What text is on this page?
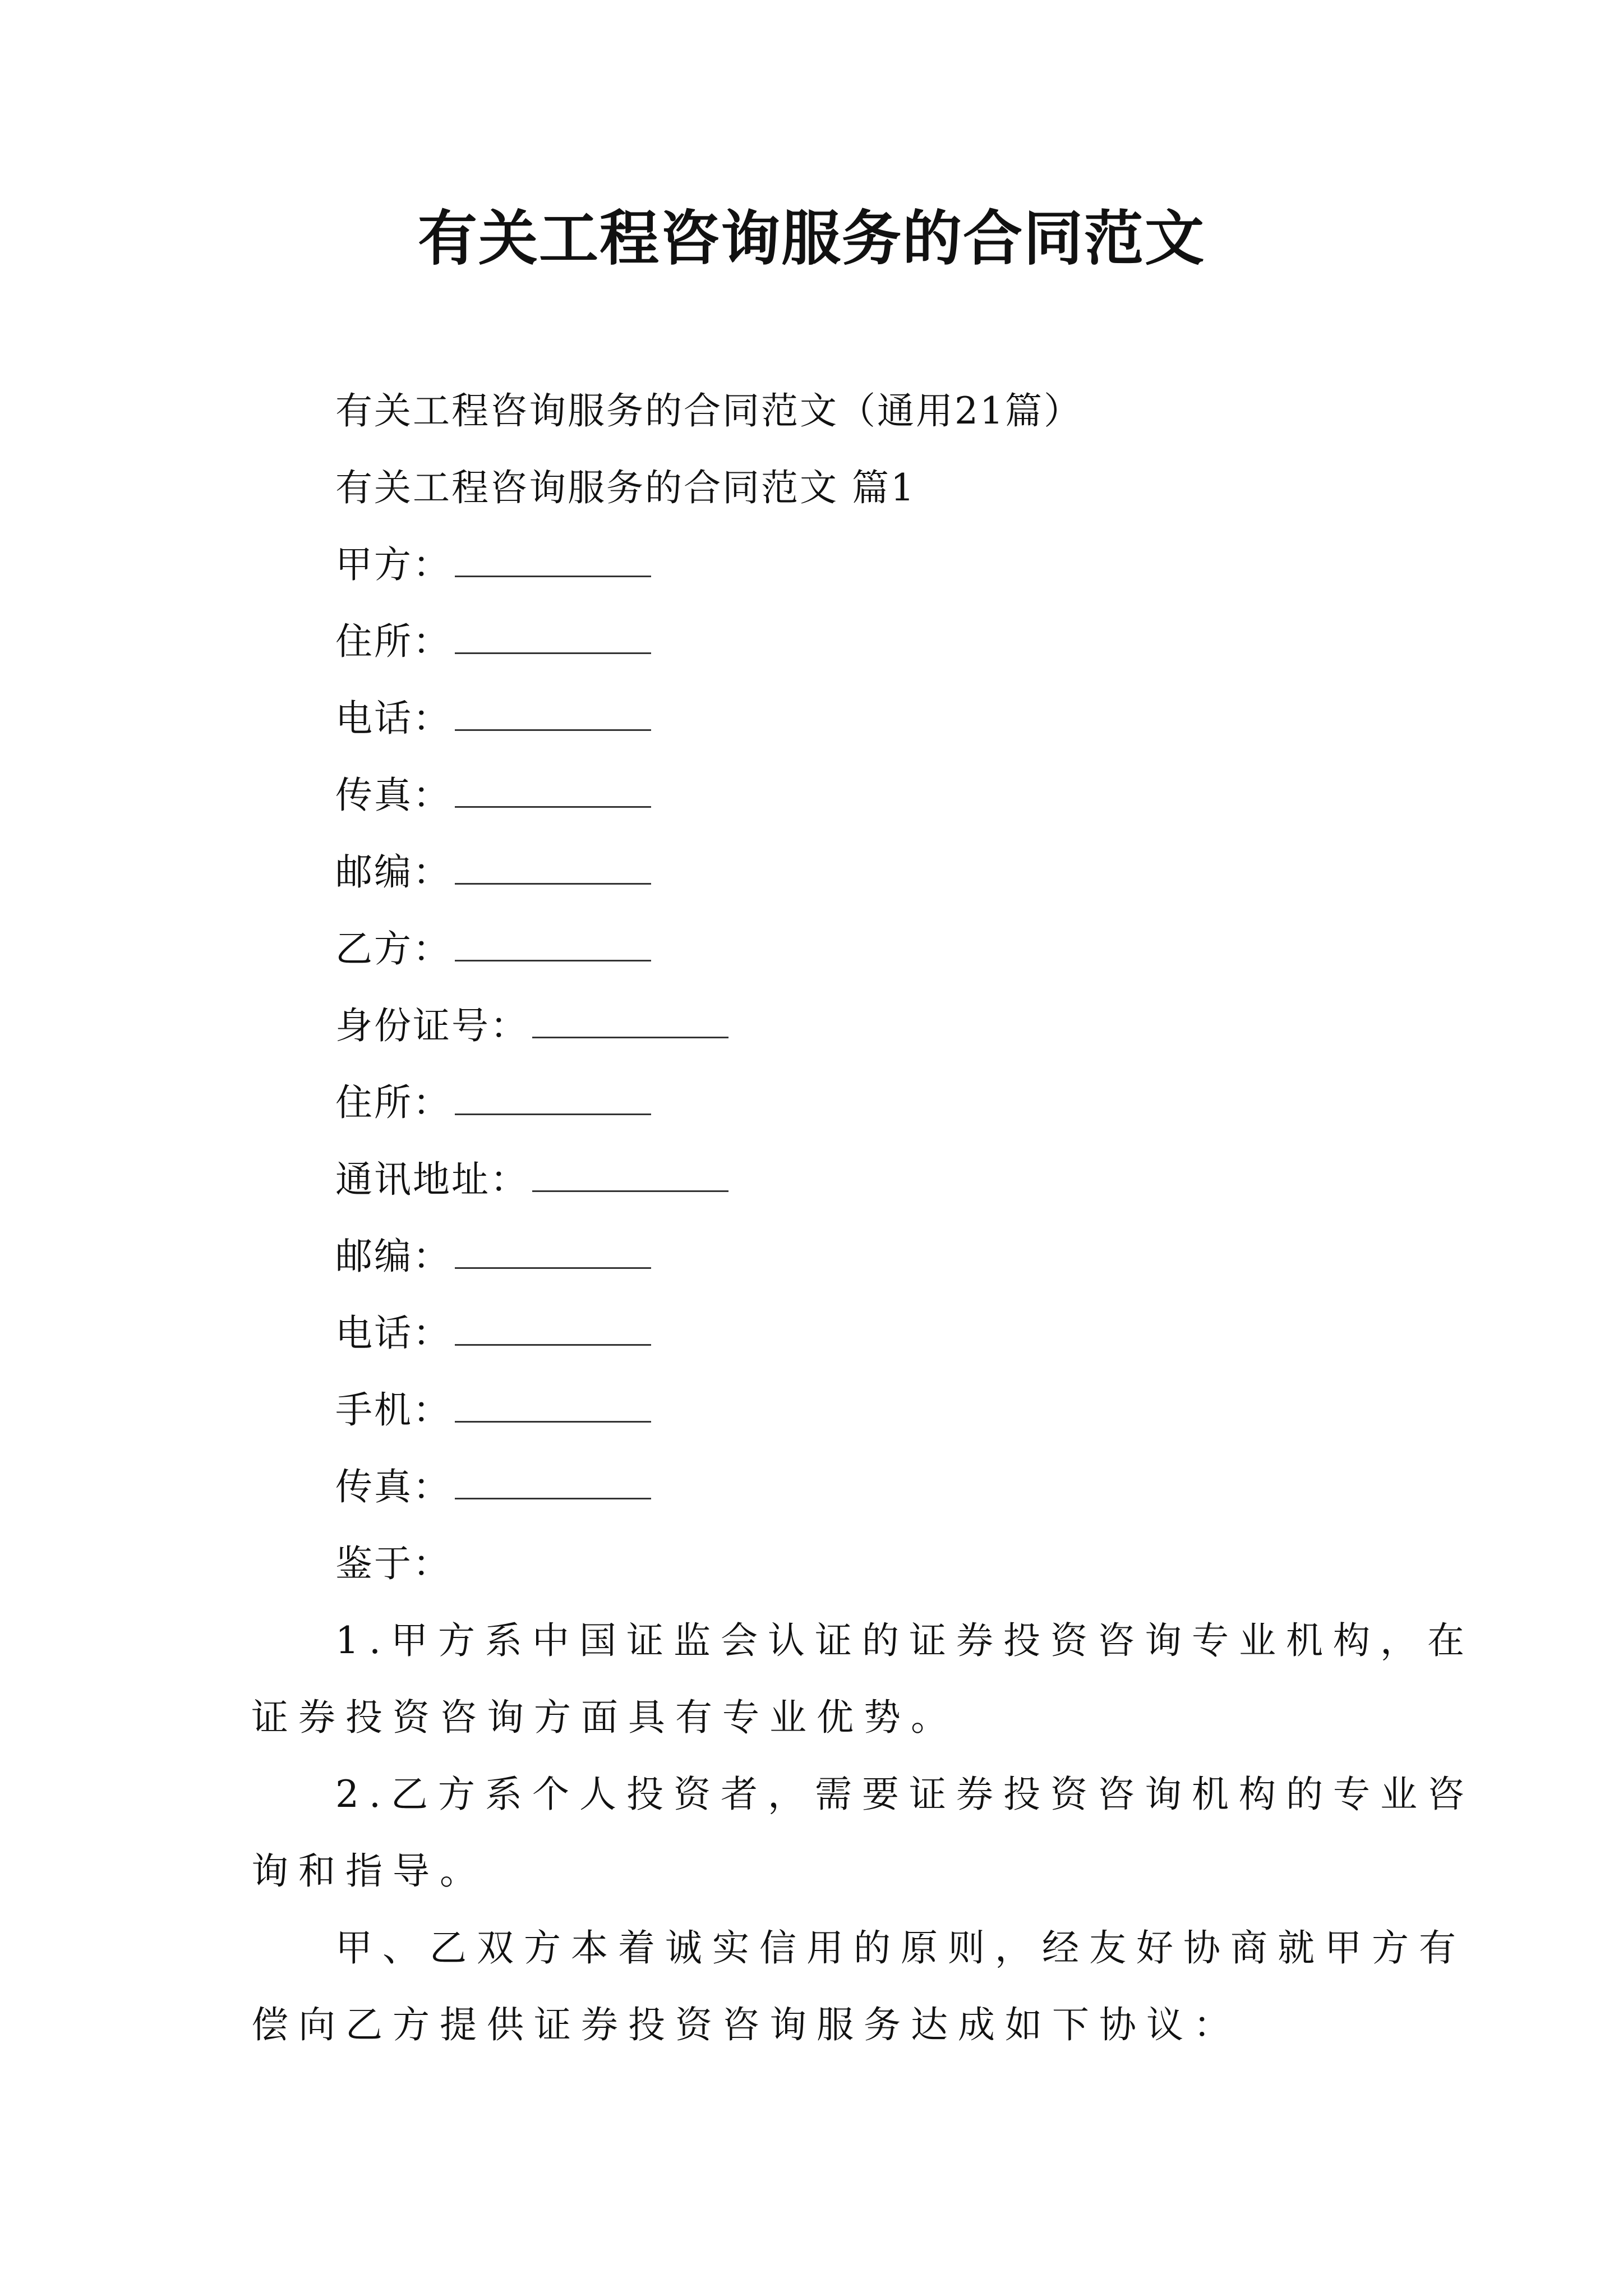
有关工程咨询服务的合同范文
有关工程咨询服务的合同范文（通用21篇）
有关工程咨询服务的合同范文 篇1
甲方：
住所：
电话：
传真：
邮编：
乙方：
身份证号：
住所：
通讯地址：
邮编：
电话：
手机：
传真：
鉴于：
1.甲方系中国证监会认证的证券投资咨询专业机构，在
证券投资咨询方面具有专业优势。
2.乙方系个人投资者，需要证券投资咨询机构的专业咨
询和指导。
甲、乙双方本着诚实信用的原则，经友好协商就甲方有
偿向乙方提供证券投资咨询服务达成如下协议：
